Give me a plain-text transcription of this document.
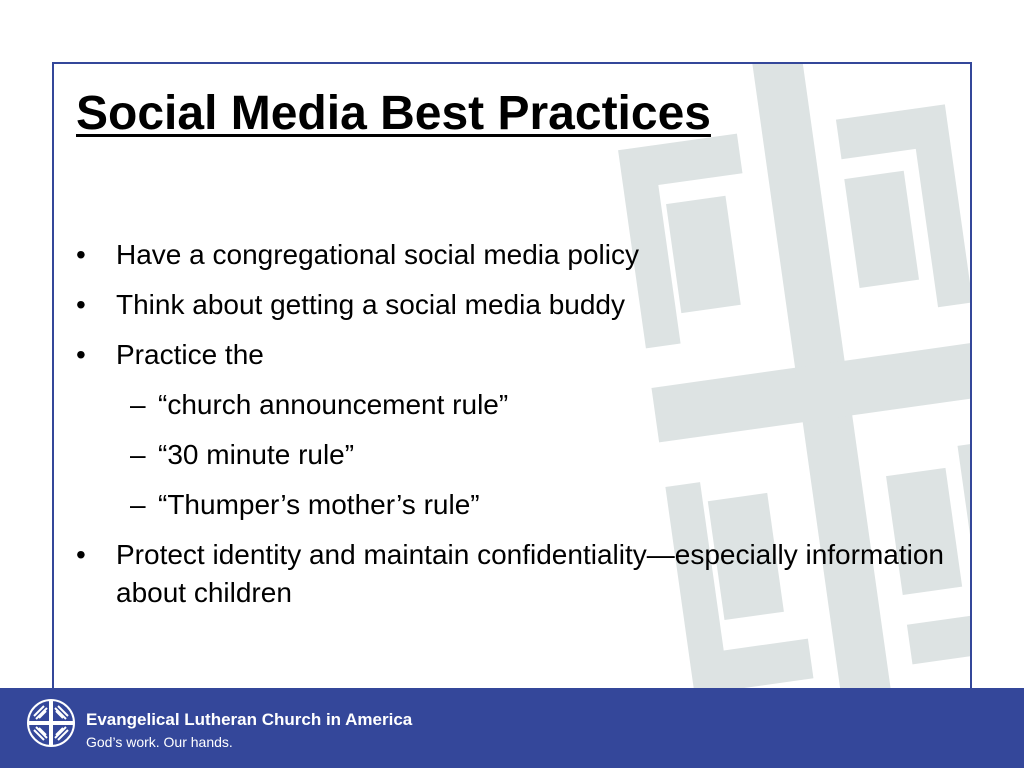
Social Media Best Practices
• Have a congregational social media policy
• Think about getting a social media buddy
• Practice the
– “church announcement rule”
– “30 minute rule”
– “Thumper’s mother’s rule”
• Protect identity and maintain confidentiality—especially information about children
Evangelical Lutheran Church in America
God’s work. Our hands.
